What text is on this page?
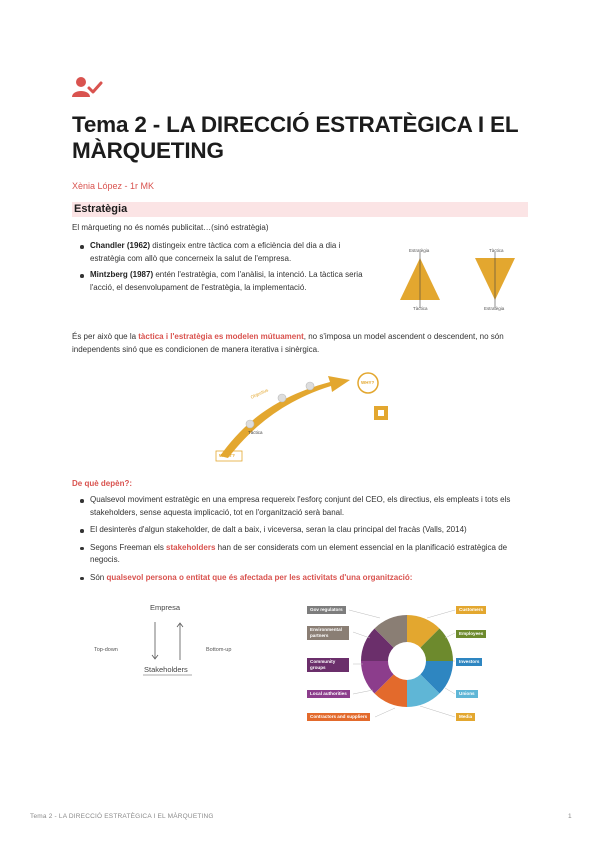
Tema 2 - LA DIRECCIÓ ESTRATÈGICA I EL MÀRQUETING
Xènia López - 1r MK
Estratègia
El màrqueting no és només publicitat…(sinó estratègia)
Chandler (1962) distingeix entre tàctica com a eficiència del dia a dia i estratègia com allò que concerneix la salut de l'empresa.
Mintzberg (1987) entén l'estratègia, com l'anàlisi, la intenció. La tàctica seria l'acció, el desenvolupament de l'estratègia, la implementació.
Estratègia
Tàctica
Tàctica
Estratègia
És per això que la tàctica i l'estratègia es modelen mútuament, no s'imposa un model ascendent o descendent, no són independents sinó que es condicionen de manera iterativa i sinèrgica.
WHAT?
Objectius
Tàctica
WHY?
De què depèn?:
Qualsevol moviment estratègic en una empresa requereix l'esforç conjunt del CEO, els directius, els empleats i tots els stakeholders, sense aquesta implicació, tot en l'organització serà banal.
El desinterès d'algun stakeholder, de dalt a baix, i viceversa, seran la clau principal del fracàs (Valls, 2014)
Segons Freeman els stakeholders han de ser considerats com un element essencial en la planificació estratègica de negocis.
Són qualsevol persona o entitat que és afectada per les activitats d'una organització:
Empresa
Top-down	Bottom-up
Stakeholders
Gov regulators
Environmental partners
Community groups
Local authorities
Contractors and suppliers
Customers
Employees
Investors
Unions
Media
Tema 2 - LA DIRECCIÓ ESTRATÈGICA I EL MÀRQUETING	1
